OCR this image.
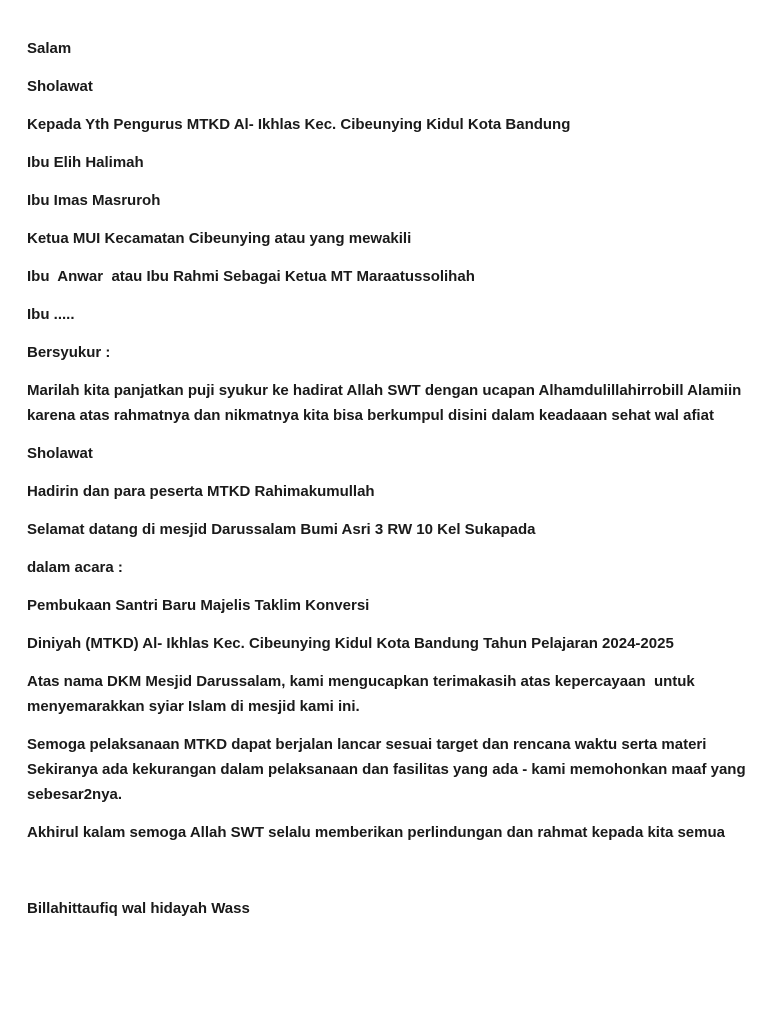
Salam

Sholawat

Kepada Yth Pengurus MTKD Al- Ikhlas Kec. Cibeunying Kidul Kota Bandung

Ibu Elih Halimah

Ibu Imas Masruroh

Ketua MUI Kecamatan Cibeunying atau yang mewakili

Ibu  Anwar  atau Ibu Rahmi Sebagai Ketua MT Maraatussolihah

Ibu .....

Bersyukur :

Marilah kita panjatkan puji syukur ke hadirat Allah SWT dengan ucapan Alhamdulillahirrobill Alamiin karena atas rahmatnya dan nikmatnya kita bisa berkumpul disini dalam keadaaan sehat wal afiat

Sholawat

Hadirin dan para peserta MTKD Rahimakumullah

Selamat datang di mesjid Darussalam Bumi Asri 3 RW 10 Kel Sukapada

dalam acara :

Pembukaan Santri Baru Majelis Taklim Konversi

Diniyah (MTKD) Al- Ikhlas Kec. Cibeunying Kidul Kota Bandung Tahun Pelajaran 2024-2025

Atas nama DKM Mesjid Darussalam, kami mengucapkan terimakasih atas kepercayaan  untuk menyemarakkan syiar Islam di mesjid kami ini.

Semoga pelaksanaan MTKD dapat berjalan lancar sesuai target dan rencana waktu serta materi Sekiranya ada kekurangan dalam pelaksanaan dan fasilitas yang ada - kami memohonkan maaf yang sebesar2nya.

Akhirul kalam semoga Allah SWT selalu memberikan perlindungan dan rahmat kepada kita semua

Billahittaufiq wal hidayah Wass
